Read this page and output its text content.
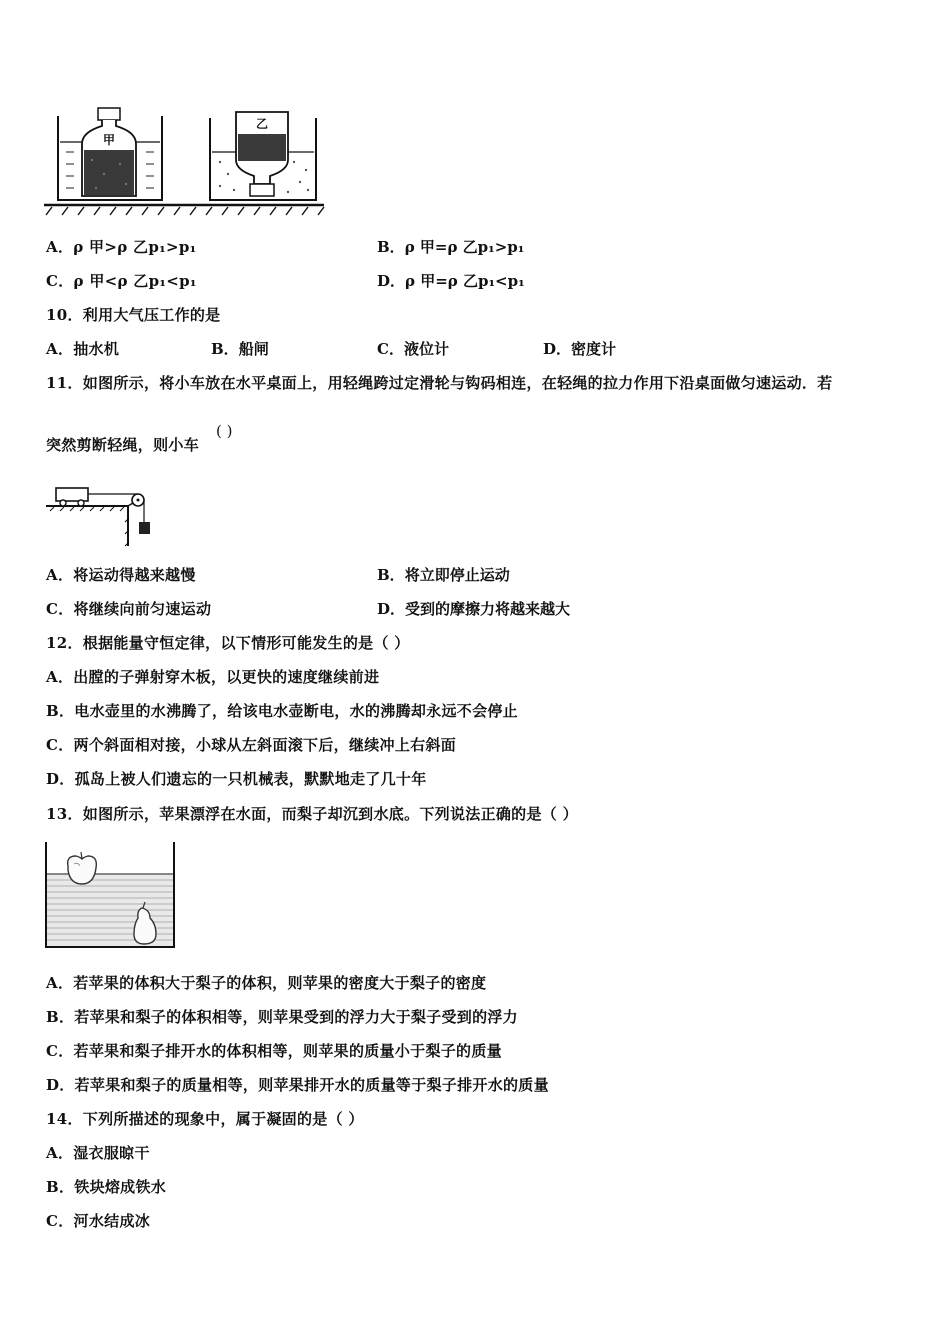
甲
乙
A．ρ 甲>ρ 乙p₁>p₁	B．ρ 甲=ρ 乙p₁>p₁
C．ρ 甲<ρ 乙p₁<p₁	D．ρ 甲=ρ 乙p₁<p₁
10．利用大气压工作的是
A．抽水机	B．船闸	C．液位计	D．密度计
11．如图所示，将小车放在水平桌面上，用轻绳跨过定滑轮与钩码相连，在轻绳的拉力作用下沿桌面做匀速运动．若
突然剪断轻绳，则小车
( )
A．将运动得越来越慢	B．将立即停止运动
C．将继续向前匀速运动	D．受到的摩擦力将越来越大
12．根据能量守恒定律，以下情形可能发生的是（ ）
A．出膛的子弹射穿木板，以更快的速度继续前进
B．电水壶里的水沸腾了，给该电水壶断电，水的沸腾却永远不会停止
C．两个斜面相对接，小球从左斜面滚下后，继续冲上右斜面
D．孤岛上被人们遗忘的一只机械表，默默地走了几十年
13．如图所示，苹果漂浮在水面，而梨子却沉到水底。下列说法正确的是（ ）
A．若苹果的体积大于梨子的体积，则苹果的密度大于梨子的密度
B．若苹果和梨子的体积相等，则苹果受到的浮力大于梨子受到的浮力
C．若苹果和梨子排开水的体积相等，则苹果的质量小于梨子的质量
D．若苹果和梨子的质量相等，则苹果排开水的质量等于梨子排开水的质量
14．下列所描述的现象中，属于凝固的是（ ）
A．湿衣服晾干
B．铁块熔成铁水
C．河水结成冰
